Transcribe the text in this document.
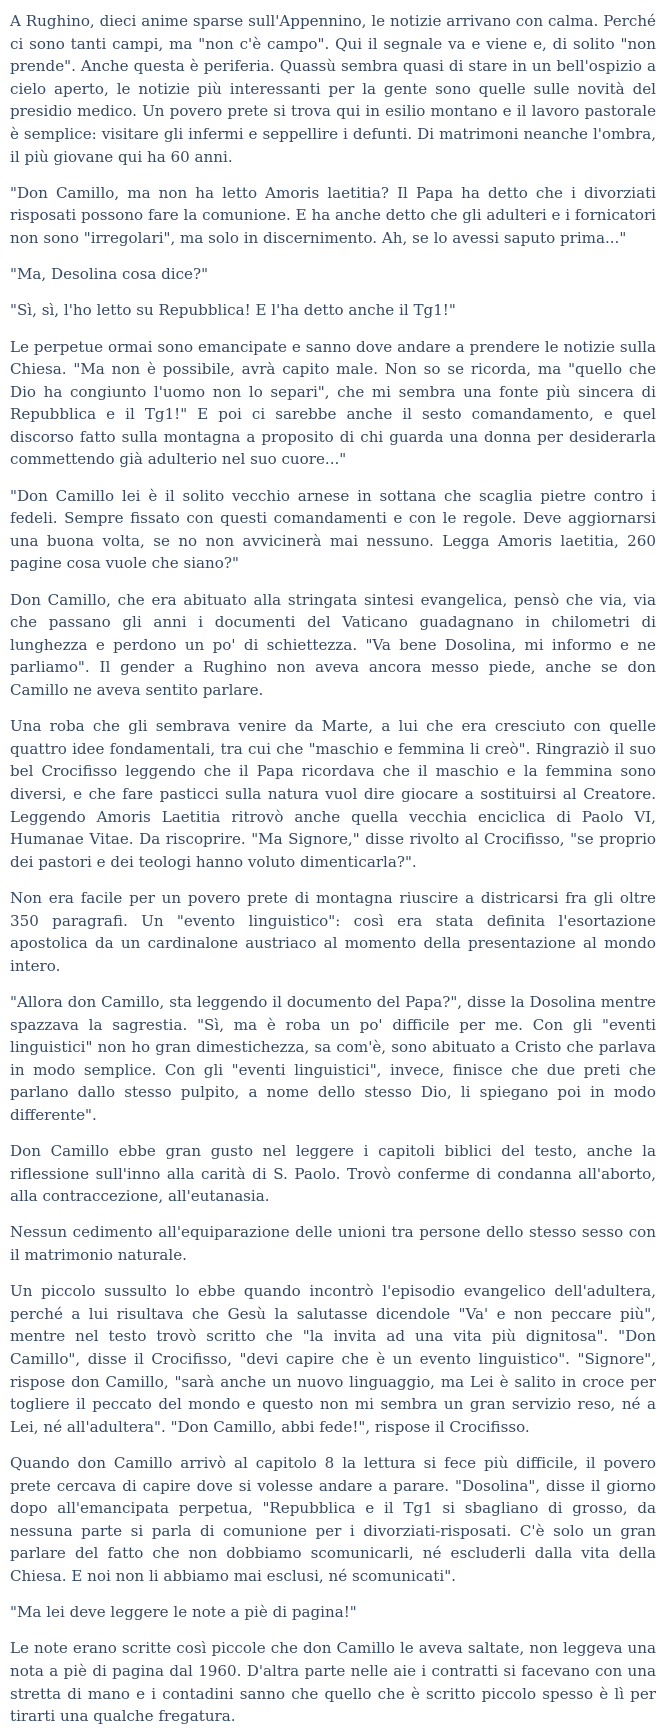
A Rughino, dieci anime sparse sull'Appennino, le notizie arrivano con calma. Perché ci sono tanti campi, ma "non c'è campo". Qui il segnale va e viene e, di solito "non prende". Anche questa è periferia. Quassù sembra quasi di stare in un bell'ospizio a cielo aperto, le notizie più interessanti per la gente sono quelle sulle novità del presidio medico. Un povero prete si trova qui in esilio montano e il lavoro pastorale è semplice: visitare gli infermi e seppellire i defunti. Di matrimoni neanche l'ombra, il più giovane qui ha 60 anni.

"Don Camillo, ma non ha letto Amoris laetitia? Il Papa ha detto che i divorziati risposati possono fare la comunione. E ha anche detto che gli adulteri e i fornicatori non sono "irregolari", ma solo in discernimento. Ah, se lo avessi saputo prima..."

"Ma, Desolina cosa dice?"

"Sì, sì, l'ho letto su Repubblica! E l'ha detto anche il Tg1!"

Le perpetue ormai sono emancipate e sanno dove andare a prendere le notizie sulla Chiesa. "Ma non è possibile, avrà capito male. Non so se ricorda, ma "quello che Dio ha congiunto l'uomo non lo separi", che mi sembra una fonte più sincera di Repubblica e il Tg1!" E poi ci sarebbe anche il sesto comandamento, e quel discorso fatto sulla montagna a proposito di chi guarda una donna per desiderarla commettendo già adulterio nel suo cuore..."

"Don Camillo lei è il solito vecchio arnese in sottana che scaglia pietre contro i fedeli. Sempre fissato con questi comandamenti e con le regole. Deve aggiornarsi una buona volta, se no non avvicinerà mai nessuno. Legga Amoris laetitia, 260 pagine cosa vuole che siano?"

Don Camillo, che era abituato alla stringata sintesi evangelica, pensò che via, via che passano gli anni i documenti del Vaticano guadagnano in chilometri di lunghezza e perdono un po' di schiettezza. "Va bene Dosolina, mi informo e ne parliamo". Il gender a Rughino non aveva ancora messo piede, anche se don Camillo ne aveva sentito parlare.

Una roba che gli sembrava venire da Marte, a lui che era cresciuto con quelle quattro idee fondamentali, tra cui che "maschio e femmina li creò". Ringraziò il suo bel Crocifisso leggendo che il Papa ricordava che il maschio e la femmina sono diversi, e che fare pasticci sulla natura vuol dire giocare a sostituirsi al Creatore. Leggendo Amoris Laetitia ritrovò anche quella vecchia enciclica di Paolo VI, Humanae Vitae. Da riscoprire. "Ma Signore," disse rivolto al Crocifisso, "se proprio dei pastori e dei teologi hanno voluto dimenticarla?".

Non era facile per un povero prete di montagna riuscire a districarsi fra gli oltre 350 paragrafi. Un "evento linguistico": così era stata definita l'esortazione apostolica da un cardinalone austriaco al momento della presentazione al mondo intero.

"Allora don Camillo, sta leggendo il documento del Papa?", disse la Dosolina mentre spazzava la sagrestia. "Sì, ma è roba un po' difficile per me. Con gli "eventi linguistici" non ho gran dimestichezza, sa com'è, sono abituato a Cristo che parlava in modo semplice. Con gli "eventi linguistici", invece, finisce che due preti che parlano dallo stesso pulpito, a nome dello stesso Dio, li spiegano poi in modo differente".

Don Camillo ebbe gran gusto nel leggere i capitoli biblici del testo, anche la riflessione sull'inno alla carità di S. Paolo. Trovò conferme di condanna all'aborto, alla contraccezione, all'eutanasia.

Nessun cedimento all'equiparazione delle unioni tra persone dello stesso sesso con il matrimonio naturale.

Un piccolo sussulto lo ebbe quando incontrò l'episodio evangelico dell'adultera, perché a lui risultava che Gesù la salutasse dicendole "Va' e non peccare più", mentre nel testo trovò scritto che "la invita ad una vita più dignitosa". "Don Camillo", disse il Crocifisso, "devi capire che è un evento linguistico". "Signore", rispose don Camillo, "sarà anche un nuovo linguaggio, ma Lei è salito in croce per togliere il peccato del mondo e questo non mi sembra un gran servizio reso, né a Lei, né all'adultera". "Don Camillo, abbi fede!", rispose il Crocifisso.

Quando don Camillo arrivò al capitolo 8 la lettura si fece più difficile, il povero prete cercava di capire dove si volesse andare a parare. "Dosolina", disse il giorno dopo all'emancipata perpetua, "Repubblica e il Tg1 si sbagliano di grosso, da nessuna parte si parla di comunione per i divorziati-risposati. C'è solo un gran parlare del fatto che non dobbiamo scomunicarli, né escluderli dalla vita della Chiesa. E noi non li abbiamo mai esclusi, né scomunicati".

"Ma lei deve leggere le note a piè di pagina!"

Le note erano scritte così piccole che don Camillo le aveva saltate, non leggeva una nota a piè di pagina dal 1960. D'altra parte nelle aie i contratti si facevano con una stretta di mano e i contadini sanno che quello che è scritto piccolo spesso è lì per tirarti una qualche fregatura.
